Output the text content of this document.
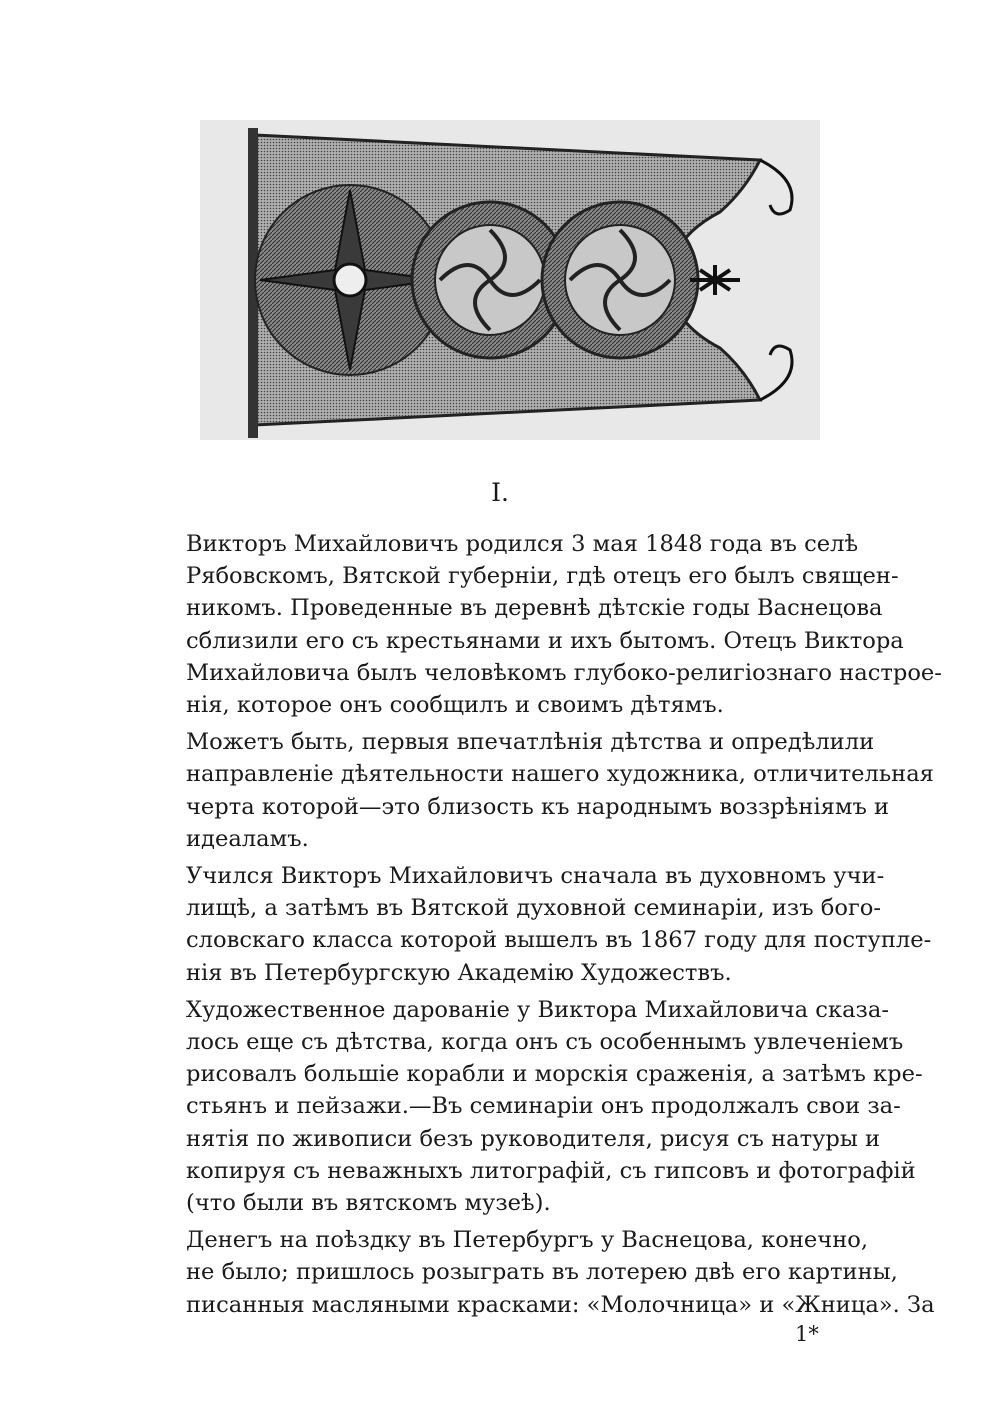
I.

Викторъ Михайловичъ родился 3 мая 1848 года въ селѣ
Рябовскомъ, Вятской губерніи, гдѣ отецъ его былъ священ-
никомъ. Проведенные въ деревнѣ дѣтскіе годы Васнецова
сблизили его съ крестьянами и ихъ бытомъ. Отецъ Виктора
Михайловича былъ человѣкомъ глубоко-религіознаго настрое-
нія, которое онъ сообщилъ и своимъ дѣтямъ.

Можетъ быть, первыя впечатлѣнія дѣтства и опредѣлили
направленіе дѣятельности нашего художника, отличительная
черта которой—это близость къ народнымъ воззрѣніямъ и
идеаламъ.

Учился Викторъ Михайловичъ сначала въ духовномъ учи-
лищѣ, а затѣмъ въ Вятской духовной семинаріи, изъ бого-
словскаго класса которой вышелъ въ 1867 году для поступле-
нія въ Петербургскую Академію Художествъ.

Художественное дарованіе у Виктора Михайловича сказа-
лось еще съ дѣтства, когда онъ съ особеннымъ увлеченіемъ
рисовалъ большіе корабли и морскія сраженія, а затѣмъ кре-
стьянъ и пейзажи.—Въ семинаріи онъ продолжалъ свои за-
нятія по живописи безъ руководителя, рисуя съ натуры и
копируя съ неважныхъ литографій, съ гипсовъ и фотографій
(что были въ вятскомъ музеѣ).

Денегъ на поѣздку въ Петербургъ у Васнецова, конечно,
не было; пришлось розыграть въ лотерею двѣ его картины,
писанныя масляными красками: «Молочница» и «Жница». За

1*
